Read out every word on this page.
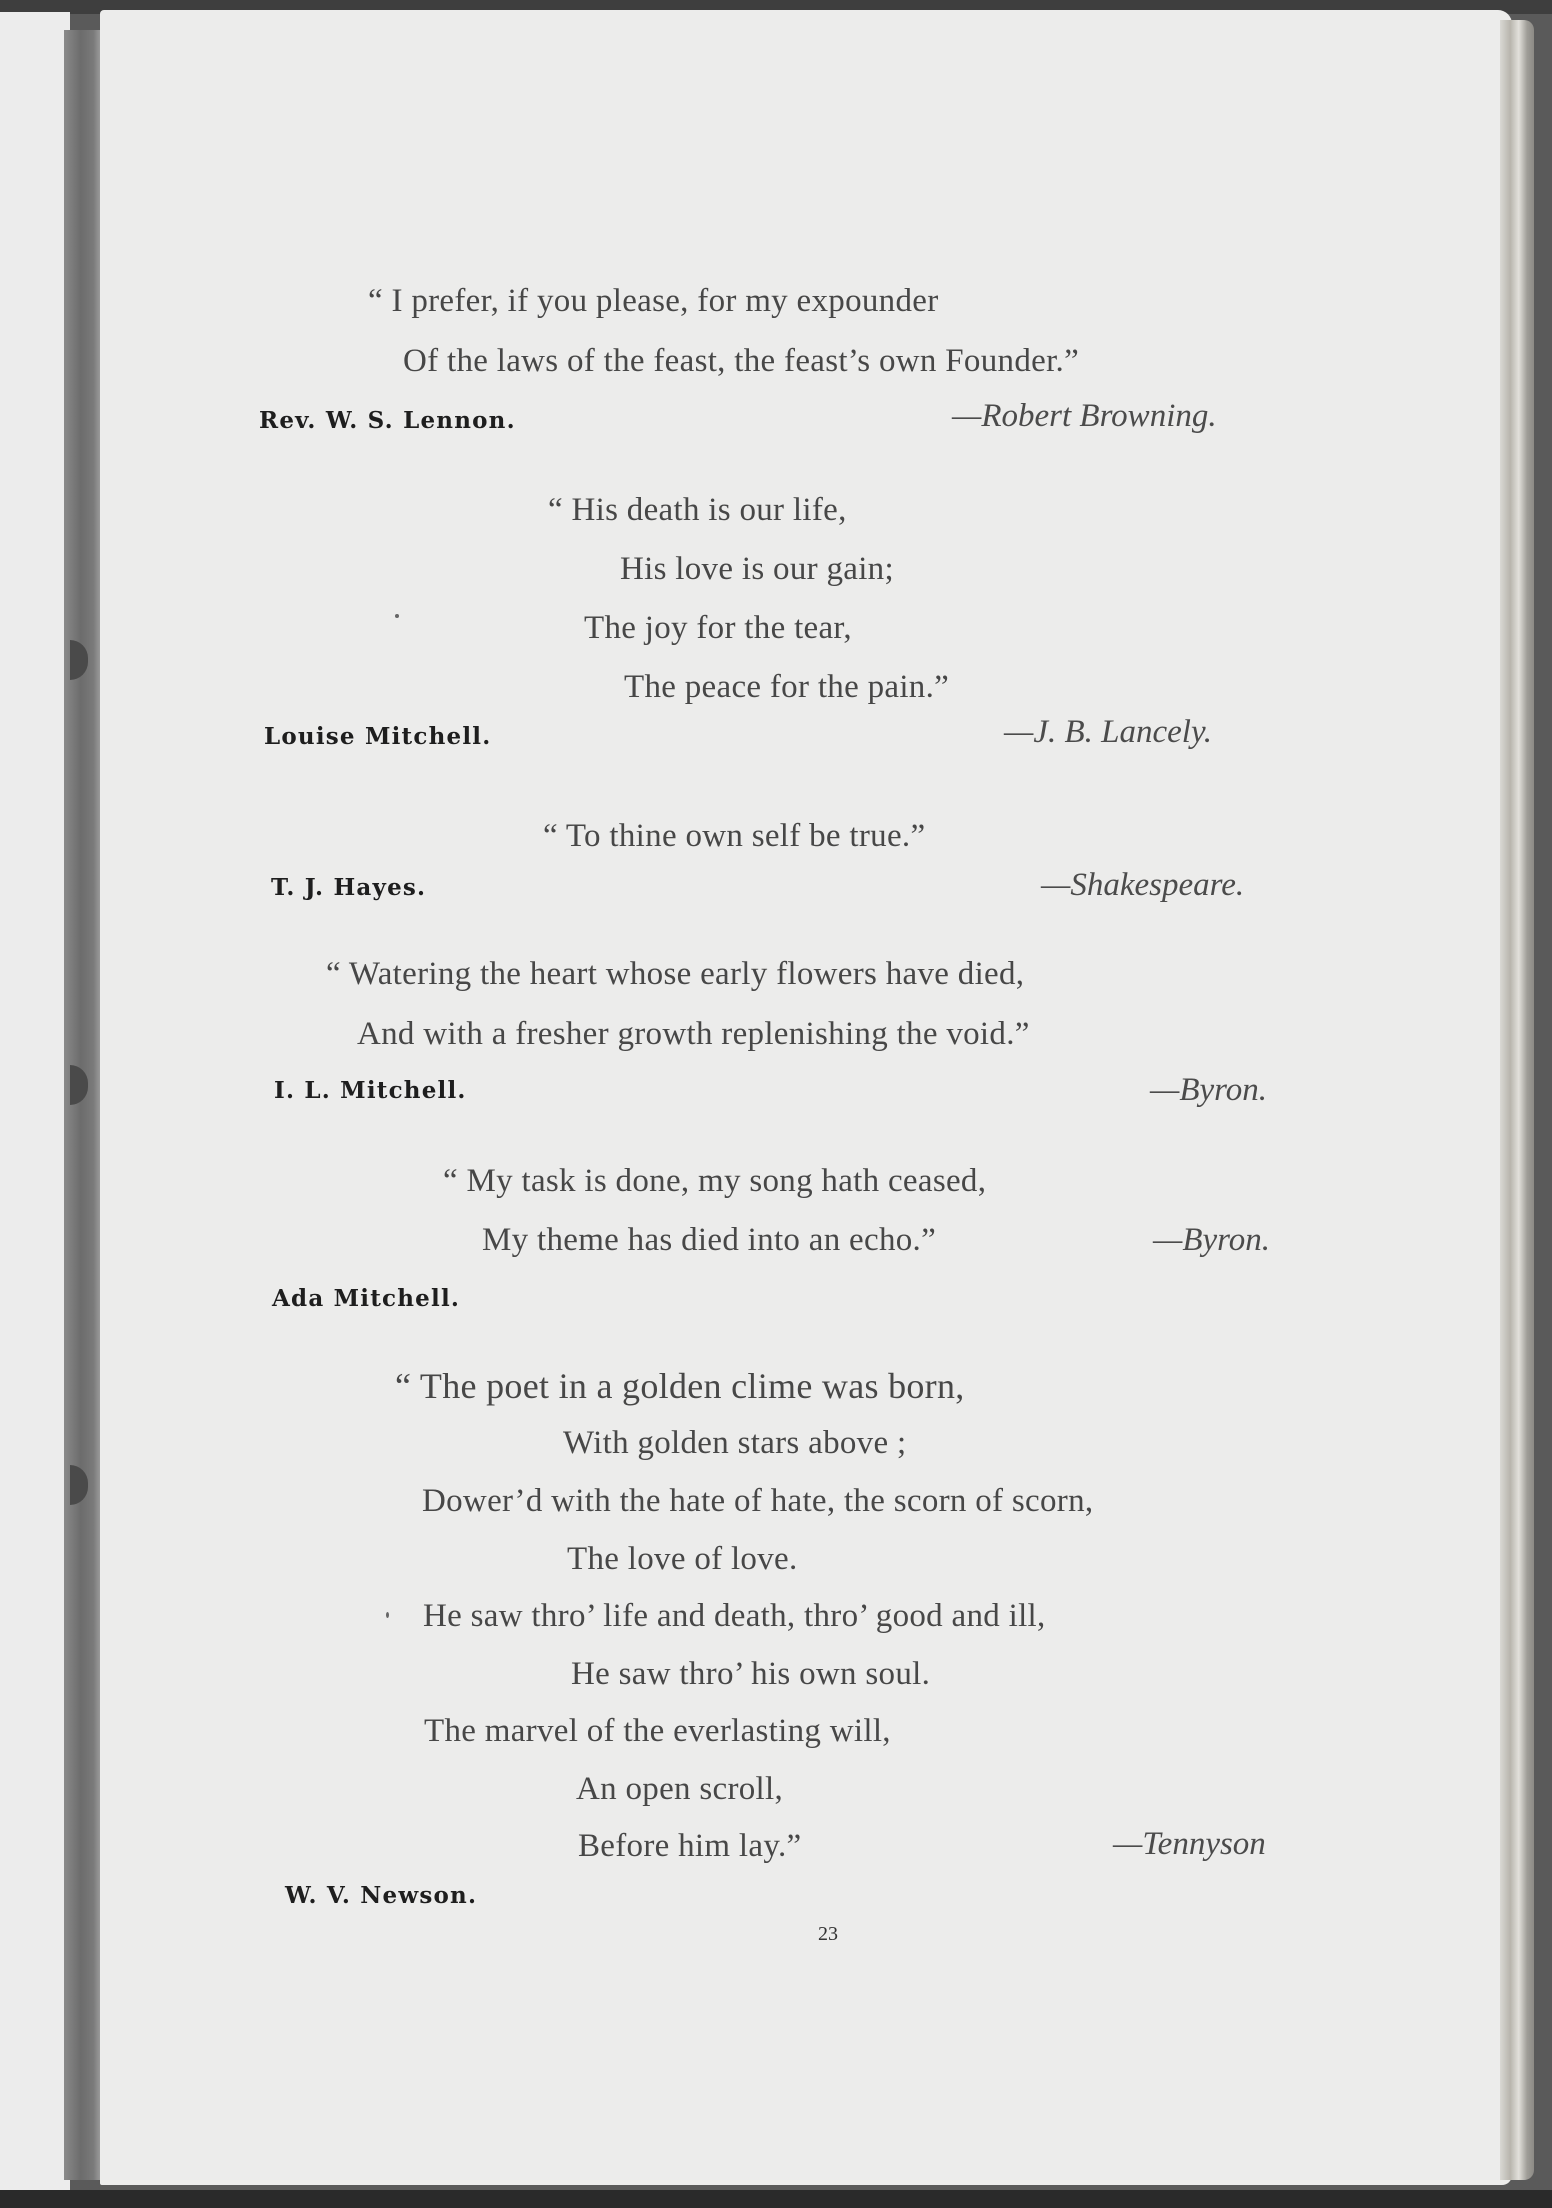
“ I prefer, if you please, for my expounder
Of the laws of the feast, the feast’s own Founder.”
Rev. W. S. Lennon.	—Robert Browning.
“ His death is our life,
His love is our gain;
The joy for the tear,
The peace for the pain.”
Louise Mitchell.	—J. B. Lancely.
“ To thine own self be true.”
T. J. Hayes.	—Shakespeare.
“ Watering the heart whose early flowers have died,
And with a fresher growth replenishing the void.”
I. L. Mitchell.	—Byron.
“ My task is done, my song hath ceased,
My theme has died into an echo.”	—Byron.
Ada Mitchell.
“ The poet in a golden clime was born,
With golden stars above ;
Dower’d with the hate of hate, the scorn of scorn,
The love of love.
He saw thro’ life and death, thro’ good and ill,
He saw thro’ his own soul.
The marvel of the everlasting will,
An open scroll,
Before him lay.”	—Tennyson
W. V. Newson.
23
